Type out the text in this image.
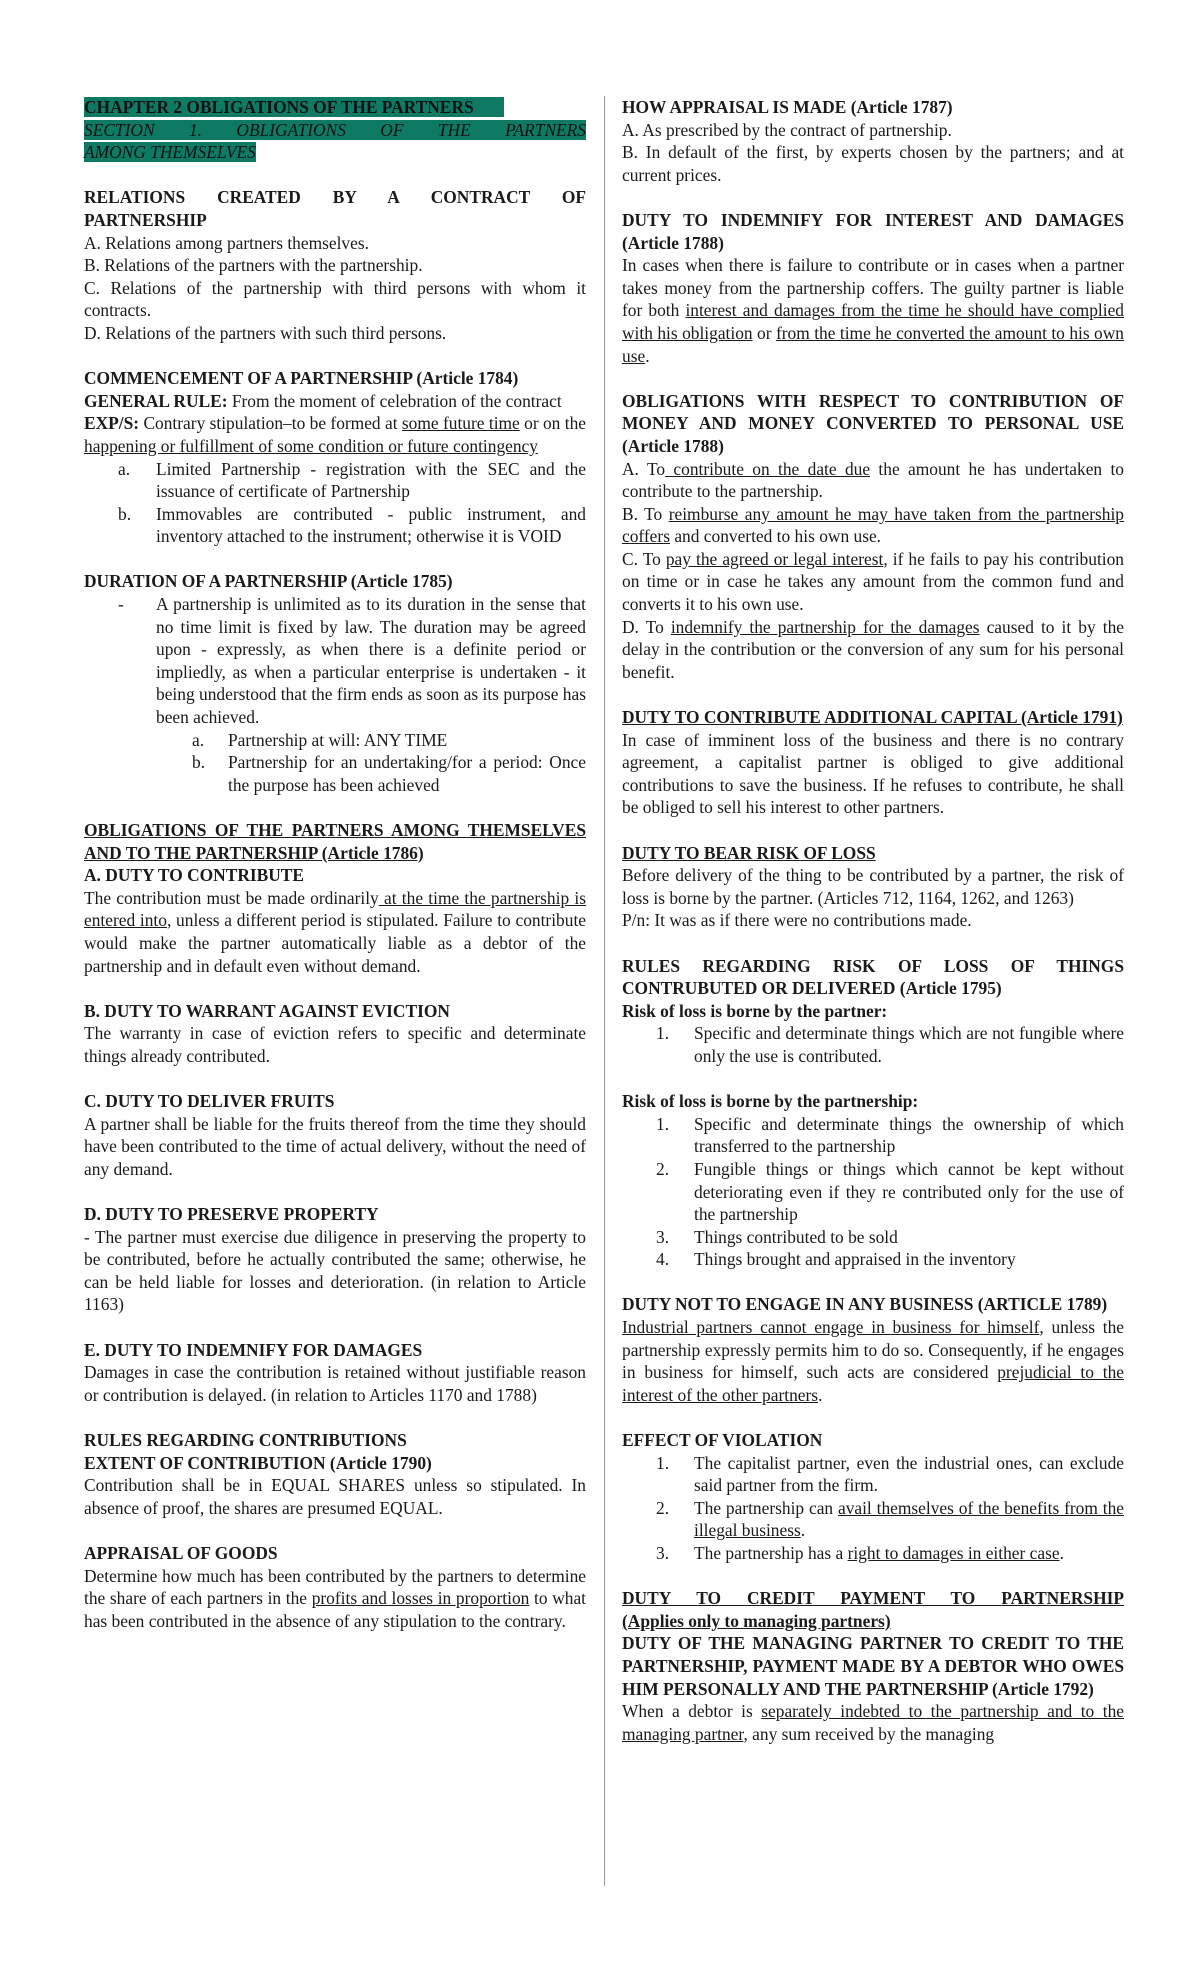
CHAPTER 2 OBLIGATIONS OF THE PARTNERS

SECTION 1. OBLIGATIONS OF THE PARTNERS

AMONG THEMSELVES

RELATIONS CREATED BY A CONTRACT OF

PARTNERSHIP

A. Relations among partners themselves.

B. Relations of the partners with the partnership.

C. Relations of the partnership with third persons with whom it contracts.

D. Relations of the partners with such third persons.

COMMENCEMENT OF A PARTNERSHIP (Article 1784)

GENERAL RULE: From the moment of celebration of the contract

EXP/S: Contrary stipulation–to be formed at some future time or on the happening or fulfillment of some condition or future contingency

a. Limited Partnership - registration with the SEC and the issuance of certificate of Partnership
b. Immovables are contributed - public instrument, and inventory attached to the instrument; otherwise it is VOID

DURATION OF A PARTNERSHIP (Article 1785)

- A partnership is unlimited as to its duration in the sense that no time limit is fixed by law. The duration may be agreed upon - expressly, as when there is a definite period or impliedly, as when a particular enterprise is undertaken - it being understood that the firm ends as soon as its purpose has been achieved.
a. Partnership at will: ANY TIME
b. Partnership for an undertaking/for a period: Once the purpose has been achieved

OBLIGATIONS OF THE PARTNERS AMONG THEMSELVES AND TO THE PARTNERSHIP (Article 1786)

A. DUTY TO CONTRIBUTE

The contribution must be made ordinarily at the time the partnership is entered into, unless a different period is stipulated. Failure to contribute would make the partner automatically liable as a debtor of the partnership and in default even without demand.

B. DUTY TO WARRANT AGAINST EVICTION

The warranty in case of eviction refers to specific and determinate things already contributed.

C. DUTY TO DELIVER FRUITS

A partner shall be liable for the fruits thereof from the time they should have been contributed to the time of actual delivery, without the need of any demand.

D. DUTY TO PRESERVE PROPERTY

- The partner must exercise due diligence in preserving the property to be contributed, before he actually contributed the same; otherwise, he can be held liable for losses and deterioration. (in relation to Article 1163)

E. DUTY TO INDEMNIFY FOR DAMAGES

Damages in case the contribution is retained without justifiable reason or contribution is delayed. (in relation to Articles 1170 and 1788)

RULES REGARDING CONTRIBUTIONS

EXTENT OF CONTRIBUTION (Article 1790)

Contribution shall be in EQUAL SHARES unless so stipulated. In absence of proof, the shares are presumed EQUAL.

APPRAISAL OF GOODS

Determine how much has been contributed by the partners to determine the share of each partners in the profits and losses in proportion to what has been contributed in the absence of any stipulation to the contrary.

HOW APPRAISAL IS MADE (Article 1787)

A. As prescribed by the contract of partnership.

B. In default of the first, by experts chosen by the partners; and at current prices.

DUTY TO INDEMNIFY FOR INTEREST AND DAMAGES (Article 1788)

In cases when there is failure to contribute or in cases when a partner takes money from the partnership coffers. The guilty partner is liable for both interest and damages from the time he should have complied with his obligation or from the time he converted the amount to his own use.

OBLIGATIONS WITH RESPECT TO CONTRIBUTION OF MONEY AND MONEY CONVERTED TO PERSONAL USE (Article 1788)

A. To contribute on the date due the amount he has undertaken to contribute to the partnership.

B. To reimburse any amount he may have taken from the partnership coffers and converted to his own use.

C. To pay the agreed or legal interest, if he fails to pay his contribution on time or in case he takes any amount from the common fund and converts it to his own use.

D. To indemnify the partnership for the damages caused to it by the delay in the contribution or the conversion of any sum for his personal benefit.

DUTY TO CONTRIBUTE ADDITIONAL CAPITAL (Article 1791)

In case of imminent loss of the business and there is no contrary agreement, a capitalist partner is obliged to give additional contributions to save the business. If he refuses to contribute, he shall be obliged to sell his interest to other partners.

DUTY TO BEAR RISK OF LOSS

Before delivery of the thing to be contributed by a partner, the risk of loss is borne by the partner. (Articles 712, 1164, 1262, and 1263)

P/n: It was as if there were no contributions made.

RULES REGARDING RISK OF LOSS OF THINGS CONTRUBUTED OR DELIVERED (Article 1795)

Risk of loss is borne by the partner:

1. Specific and determinate things which are not fungible where only the use is contributed.

Risk of loss is borne by the partnership:

1. Specific and determinate things the ownership of which transferred to the partnership
2. Fungible things or things which cannot be kept without deteriorating even if they re contributed only for the use of the partnership
3. Things contributed to be sold
4. Things brought and appraised in the inventory

DUTY NOT TO ENGAGE IN ANY BUSINESS (ARTICLE 1789)

Industrial partners cannot engage in business for himself, unless the partnership expressly permits him to do so. Consequently, if he engages in business for himself, such acts are considered prejudicial to the interest of the other partners.

EFFECT OF VIOLATION

1. The capitalist partner, even the industrial ones, can exclude said partner from the firm.
2. The partnership can avail themselves of the benefits from the illegal business.
3. The partnership has a right to damages in either case.

DUTY TO CREDIT PAYMENT TO PARTNERSHIP

(Applies only to managing partners)

DUTY OF THE MANAGING PARTNER TO CREDIT TO THE PARTNERSHIP, PAYMENT MADE BY A DEBTOR WHO OWES HIM PERSONALLY AND THE PARTNERSHIP (Article 1792)

When a debtor is separately indebted to the partnership and to the managing partner, any sum received by the managing
